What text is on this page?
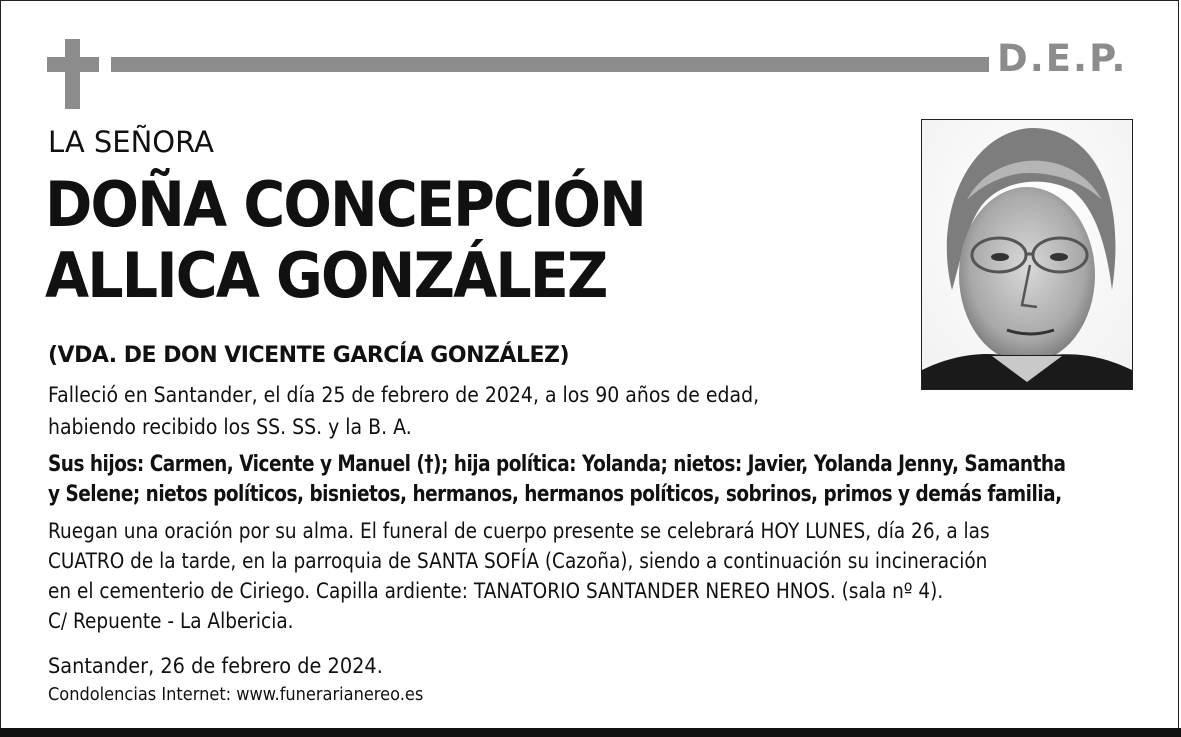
D.E.P.
LA SEÑORA
DOÑA CONCEPCIÓN
ALLICA GONZÁLEZ
(VDA. DE DON VICENTE GARCÍA GONZÁLEZ)
Falleció en Santander, el día 25 de febrero de 2024, a los 90 años de edad,
habiendo recibido los SS. SS. y la B. A.
Sus hijos: Carmen, Vicente y Manuel (†); hija política: Yolanda; nietos: Javier, Yolanda Jenny, Samantha
y Selene; nietos políticos, bisnietos, hermanos, hermanos políticos, sobrinos, primos y demás familia,
Ruegan una oración por su alma. El funeral de cuerpo presente se celebrará HOY LUNES, día 26, a las
CUATRO de la tarde, en la parroquia de SANTA SOFÍA (Cazoña), siendo a continuación su incineración
en el cementerio de Ciriego. Capilla ardiente: TANATORIO SANTANDER NEREO HNOS. (sala nº 4).
C/ Repuente - La Albericia.
Santander, 26 de febrero de 2024.
Condolencias Internet: www.funerarianereo.es
